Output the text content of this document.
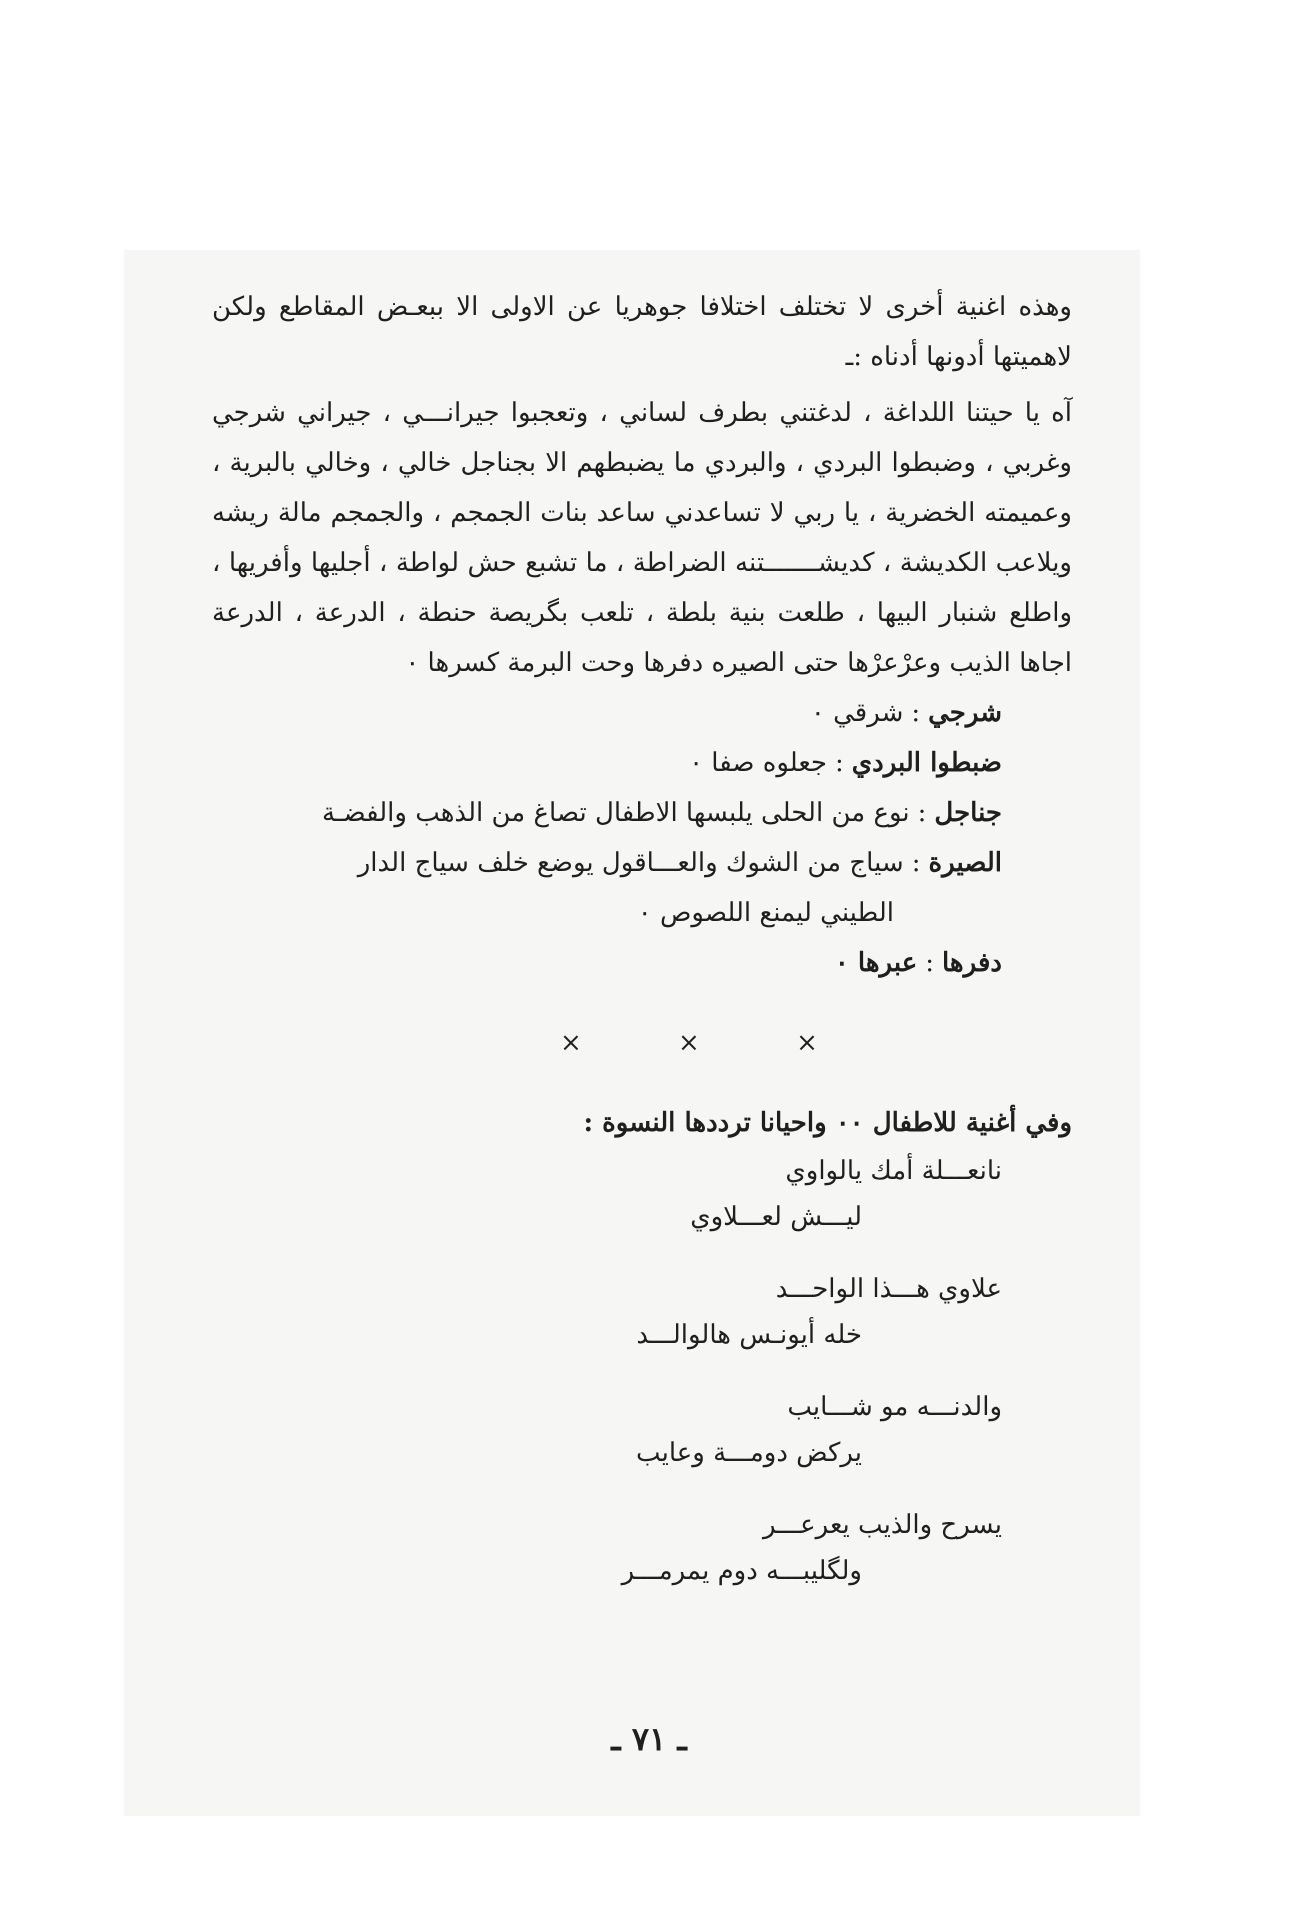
وهذه اغنية أخرى لا تختلف اختلافا جوهريا عن الاولى الا ببعـض المقاطع ولكن لاهميتها أدونها أدناه :ـ

آه يا حيتنا اللداغة ، لدغتني بطرف لساني ، وتعجبوا جيرانـــي ، جيراني شرجي وغربي ، وضبطوا البردي ، والبردي ما يضبطهم الا بجناجل خالي ، وخالي بالبرية ، وعميمته الخضرية ، يا ربي لا تساعدني ساعد بنات الجمجم ، والجمجم مالة ريشه ويلاعب الكديشة ، كديشـــــــتنه الضراطة ، ما تشبع حش لواطة ، أجليها وأفريها ، واطلع شنبار البيها ، طلعت بنية بلطة ، تلعب بگريصة حنطة ، الدرعة ، الدرعة اجاها الذيب وعرْعرْها حتى الصيره دفرها وحت البرمة كسرها ٠

شرجي:شرقي ٠
ضبطوا البردي:جعلوه صفا ٠
جناجل:نوع من الحلى يلبسها الاطفال تصاغ من الذهب والفضـة
الصيرة:سياج من الشوك والعـــاقول يوضع خلف سياج الدار
الطيني ليمنع اللصوص ٠
دفرها:عبرها ٠
× × ×

وفي أغنية للاطفال ٠٠ واحيانا ترددها النسوة :

نانعـــلة أمك يالواوي
ليـــش لعـــلاوي
علاوي هـــذا الواحـــد
خله أيونـس هالوالـــد
والدنـــه مو شـــايب
يركض دومـــة وعايب
يسرح والذيب يعرعـــر
ولگليبـــه دوم يمرمـــر
ـ ٧١ ـ
